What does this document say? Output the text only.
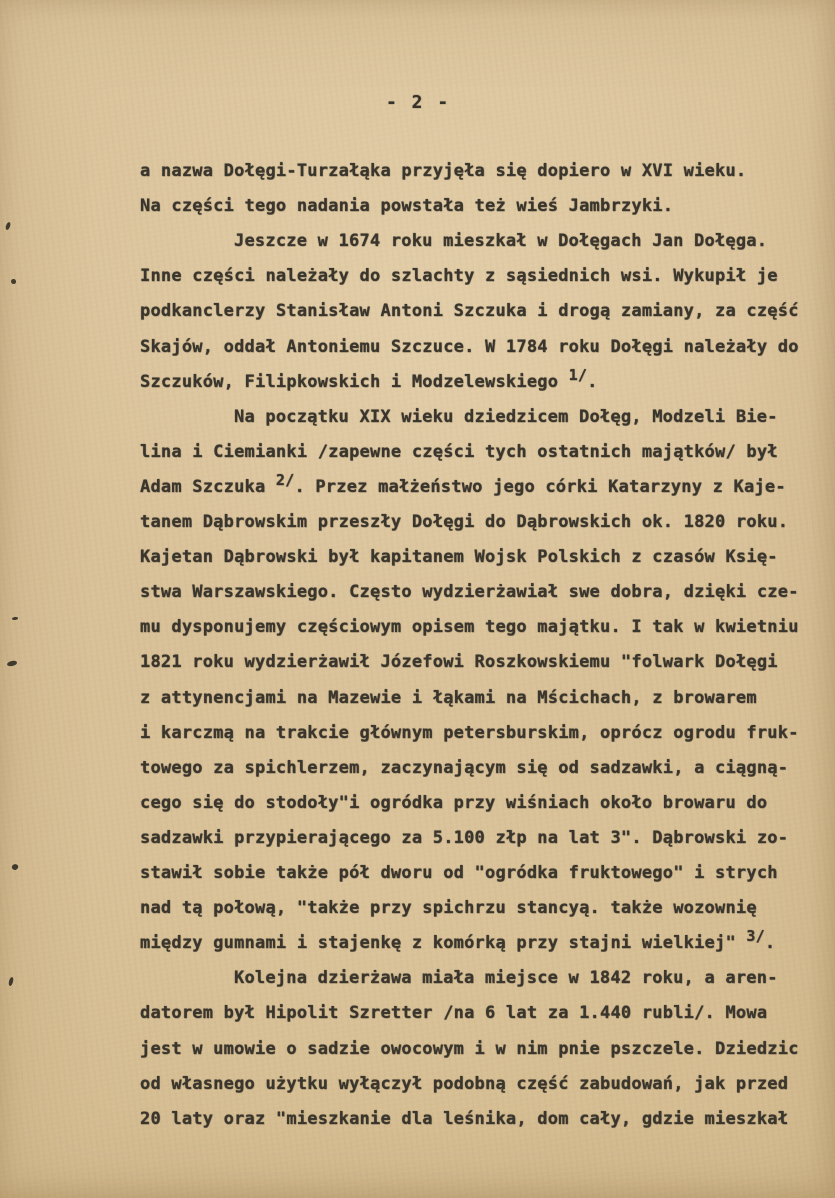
- 2 -
a nazwa Dołęgi-Turzałąka przyjęła się dopiero w XVI wieku.
Na części tego nadania powstała też wieś Jambrzyki.
Jeszcze w 1674 roku mieszkał w Dołęgach Jan Dołęga.
Inne części należały do szlachty z sąsiednich wsi. Wykupił je
podkanclerzy Stanisław Antoni Szczuka i drogą zamiany, za część
Skajów, oddał Antoniemu Szczuce. W 1784 roku Dołęgi należały do
Szczuków, Filipkowskich i Modzelewskiego 1/.
Na początku XIX wieku dziedzicem Dołęg, Modzeli Bie-
lina i Ciemianki /zapewne części tych ostatnich majątków/ był
Adam Szczuka 2/. Przez małżeństwo jego córki Katarzyny z Kaje-
tanem Dąbrowskim przeszły Dołęgi do Dąbrowskich ok. 1820 roku.
Kajetan Dąbrowski był kapitanem Wojsk Polskich z czasów Księ-
stwa Warszawskiego. Często wydzierżawiał swe dobra, dzięki cze-
mu dysponujemy częściowym opisem tego majątku. I tak w kwietniu
1821 roku wydzierżawił Józefowi Roszkowskiemu "folwark Dołęgi
z attynencjami na Mazewie i łąkami na Mścichach, z browarem
i karczmą na trakcie głównym petersburskim, oprócz ogrodu fruk-
towego za spichlerzem, zaczynającym się od sadzawki, a ciągną-
cego się do stodoły"i ogródka przy wiśniach około browaru do
sadzawki przypierającego za 5.100 złp na lat 3". Dąbrowski zo-
stawił sobie także pół dworu od "ogródka fruktowego" i strych
nad tą połową, "także przy spichrzu stancyą. także wozownię
między gumnami i stajenkę z komórką przy stajni wielkiej" 3/.
Kolejna dzierżawa miała miejsce w 1842 roku, a aren-
datorem był Hipolit Szretter /na 6 lat za 1.440 rubli/. Mowa
jest w umowie o sadzie owocowym i w nim pnie pszczele. Dziedzic
od własnego użytku wyłączył podobną część zabudowań, jak przed
20 laty oraz "mieszkanie dla leśnika, dom cały, gdzie mieszkał
